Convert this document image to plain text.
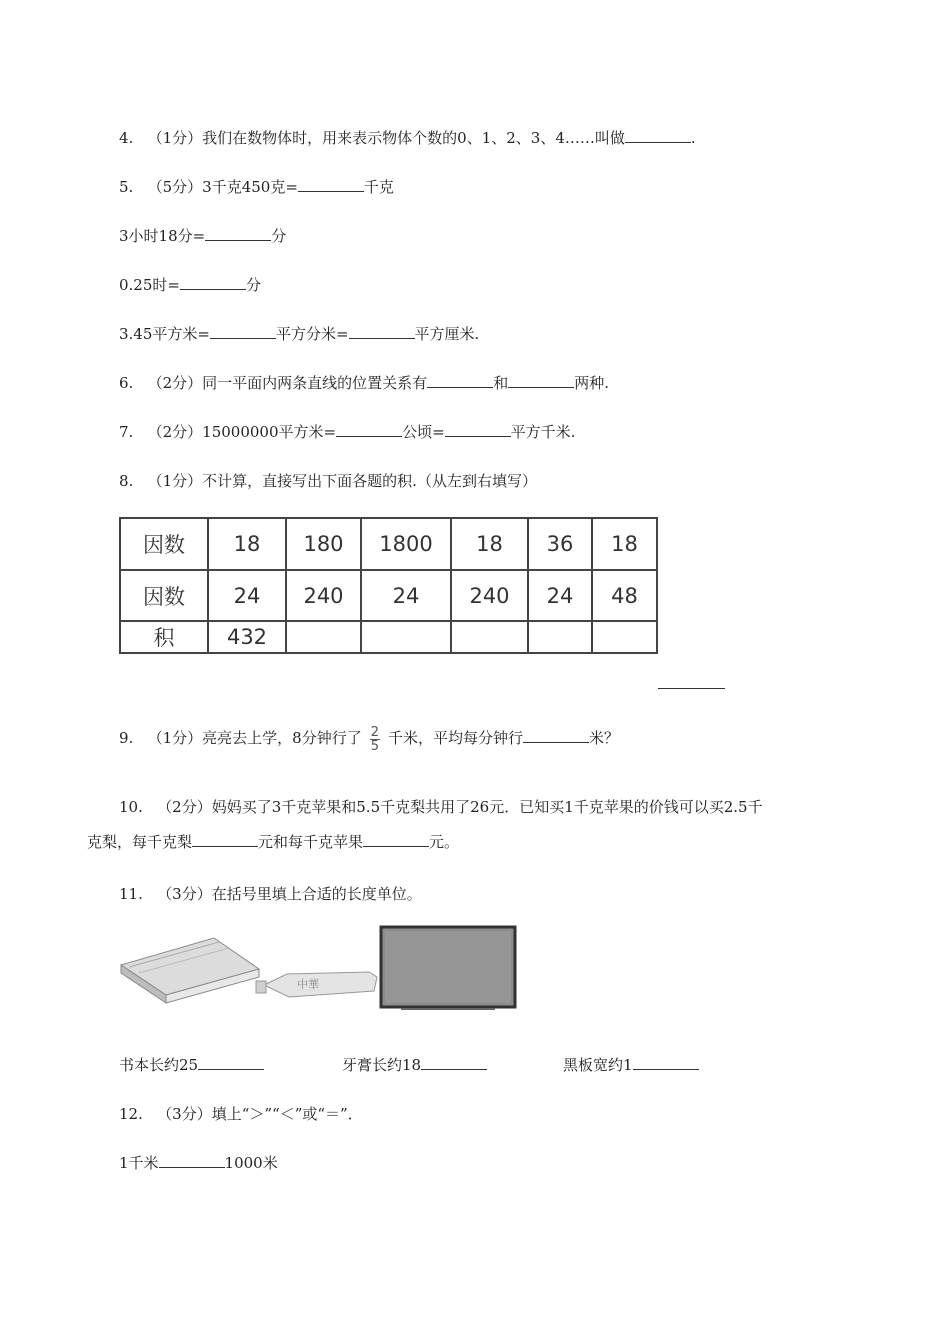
4. （1分）我们在数物体时，用来表示物体个数的0、1、2、3、4……叫做	.
5. （5分）3千克450克=	千克
3小时18分=	分
0.25时=	分
3.45平方米=	平方分米=	平方厘米.
6. （2分）同一平面内两条直线的位置关系有	和	两种.
7. （2分）15000000平方米=	公顷=	平方千米.
8. （1分）不计算，直接写出下面各题的积.（从左到右填写）
因数	18	180	1800	18	36	18
因数	24	240	24	240	24	48
积	432					
9. （1分）亮亮去上学，8分钟行了 $\frac{2}{5}$ 千米，平均每分钟行	米？
10. （2分）妈妈买了3千克苹果和5.5千克梨共用了26元．已知买1千克苹果的价钱可以买2.5千
克梨，每千克梨	元和每千克苹果	元。
11. （3分）在括号里填上合适的长度单位。
中華
书本长约25	牙膏长约18	黑板宽约1
12. （3分）填上“＞”“＜”或“＝”．
1千米	1000米
